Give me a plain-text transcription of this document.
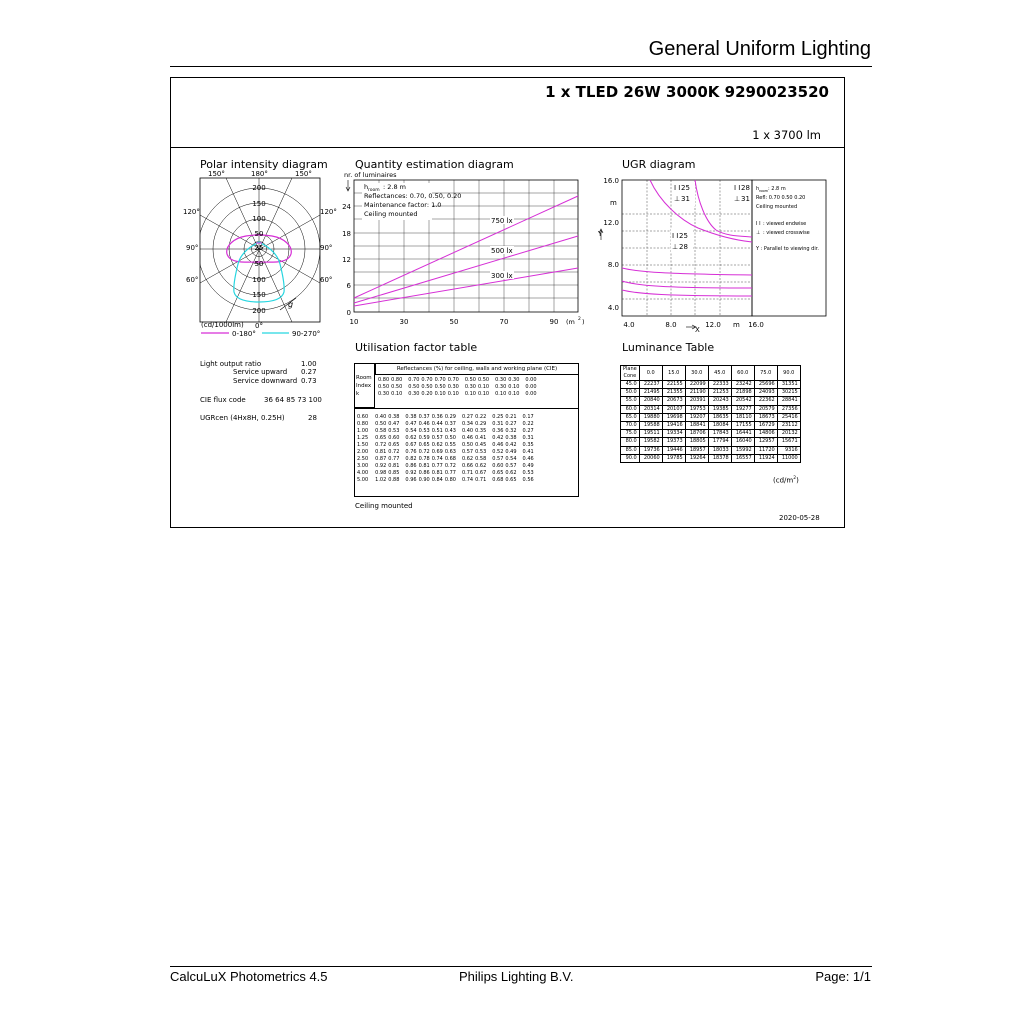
General Uniform Lighting
1 x TLED 26W 3000K 9290023520
1 x 3700 lm
Polar intensity diagram
150°	180°	150°
120°	120°
90°	90°
60°	60°
0°
200
150
100
50
25
50
100
150
200
g
(cd/1000lm)
0-180°	90-270°
Light output ratio	1.00
Service upward 0.27
Service downward 0.73
CIE flux code	36 64 85 73 100
UGRcen (4Hx8H, 0.25H)	28
Quantity estimation diagram
nr. of luminaires
h room : 2.8 m
Reflectances: 0.70, 0.50, 0.20
Maintenance factor: 1.0
Ceiling mounted
750 lx
500 lx
300 lx
24
18
12
6
0
10	30	50	70	90 (m 2 )
UGR diagram
I I 25
⊥ 31
I I 28
⊥ 31
I I 25
⊥ 28
h room : 2.8 m
Refl: 0.70 0.50 0.20
Ceiling mounted
I I : viewed endwise
⊥ : viewed crosswise
Y : Parallel to viewing dir.
16.0
12.0
8.0
4.0
m
Y
4.0	8.0	12.0	16.0
m
X
Utilisation factor table
Reflectances (%) for ceiling, walls and working plane (CIE)
Room
Index
k
0.80	0.80	0.70	0.70	0.70	0.70	0.50	0.50	0.30	0.30	0.00
0.50	0.50	0.50	0.50	0.50	0.30	0.30	0.10	0.30	0.10	0.00
0.30	0.10	0.30	0.20	0.10	0.10	0.10	0.10	0.10	0.10	0.00
0.60	0.40	0.38	0.38	0.37	0.36	0.29	0.27	0.22	0.25	0.21	0.17
0.80	0.50	0.47	0.47	0.46	0.44	0.37	0.34	0.29	0.31	0.27	0.22
1.00	0.58	0.53	0.54	0.53	0.51	0.43	0.40	0.35	0.36	0.32	0.27
1.25	0.65	0.60	0.62	0.59	0.57	0.50	0.46	0.41	0.42	0.38	0.31
1.50	0.72	0.65	0.67	0.65	0.62	0.55	0.50	0.45	0.46	0.42	0.35
2.00	0.81	0.72	0.76	0.72	0.69	0.63	0.57	0.53	0.52	0.49	0.41
2.50	0.87	0.77	0.82	0.78	0.74	0.68	0.62	0.58	0.57	0.54	0.46
3.00	0.92	0.81	0.86	0.81	0.77	0.72	0.66	0.62	0.60	0.57	0.49
4.00	0.98	0.85	0.92	0.86	0.81	0.77	0.71	0.67	0.65	0.62	0.53
5.00	1.02	0.88	0.96	0.90	0.84	0.80	0.74	0.71	0.68	0.65	0.56
Ceiling mounted
Luminance Table
Plane
Cone	0.0	15.0	30.0	45.0	60.0	75.0	90.0
45.0	22237	22155	22099	22333	23242	25696	31351
50.0	21495	21355	21190	21253	21898	24093	30215
55.0	20840	20673	20391	20243	20542	22362	28841
60.0	20314	20107	19753	19385	19277	20579	27356
65.0	19880	19698	19207	18635	18110	18673	25416
70.0	19588	19416	18841	18084	17155	16729	23112
75.0	19511	19334	18706	17843	16441	14806	20132
80.0	19582	19373	18805	17794	16040	12957	15671
85.0	19736	19446	18957	18033	15992	11720	9316
90.0	20060	19785	19264	18378	16557	11924	11000
$(cd/m^2)$
2020-05-28
CalcuLuX Photometrics 4.5	Philips Lighting B.V.	Page: 1/1
